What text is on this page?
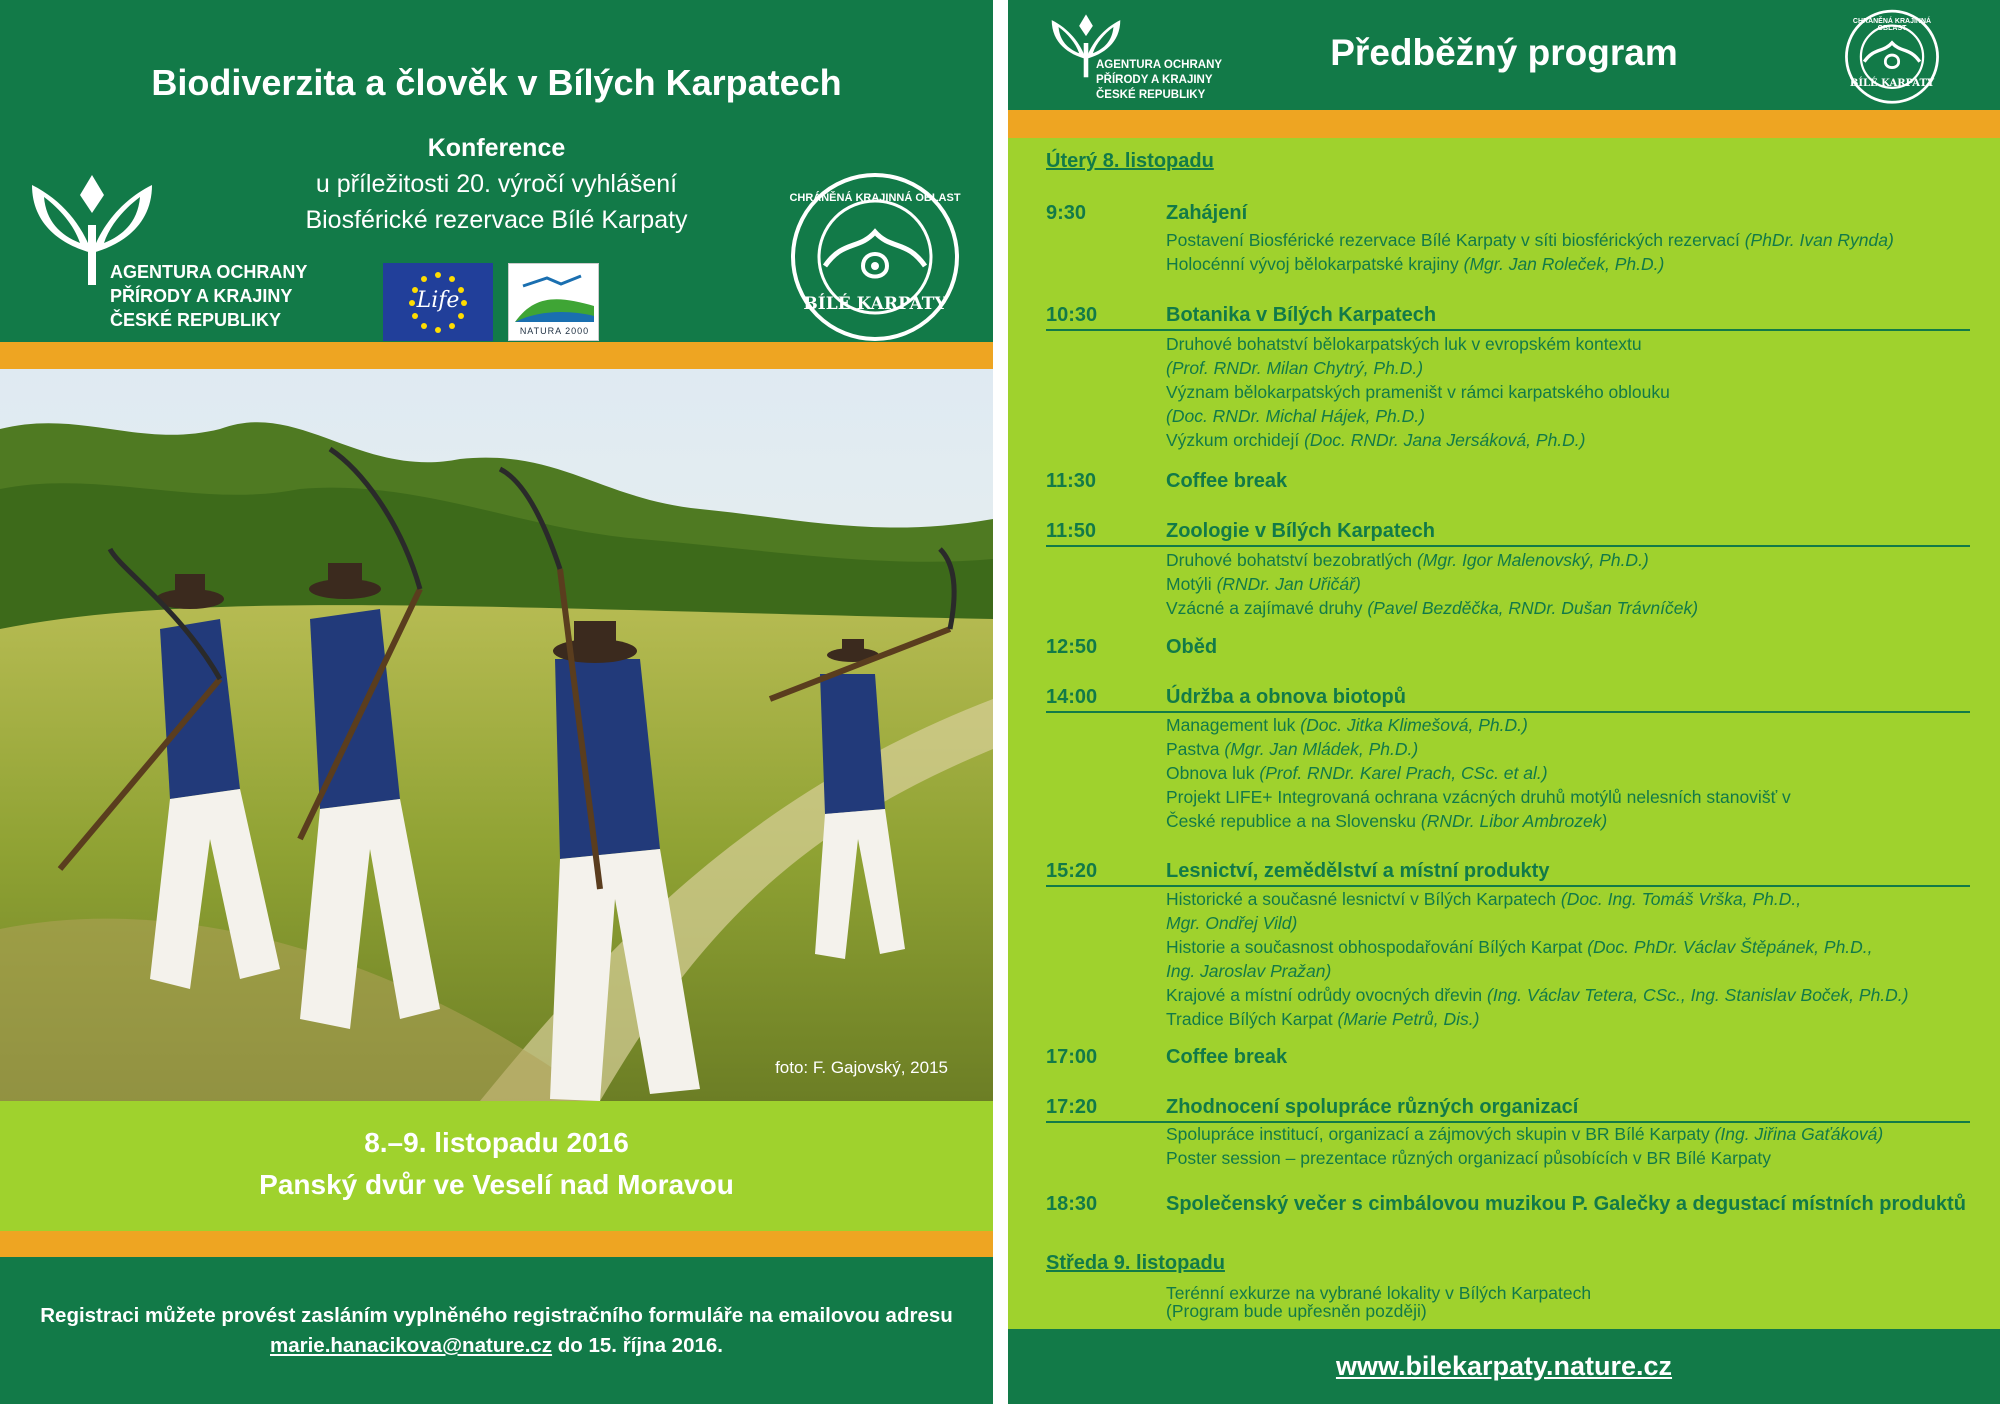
Biodiverzita a člověk v Bílých Karpatech
Konference
u příležitosti 20. výročí vyhlášení
Biosférické rezervace Bílé Karpaty
AGENTURA OCHRANY
PŘÍRODY A KRAJINY
ČESKÉ REPUBLIKY
Life
NATURA 2000
CHRÁNĚNÁ KRAJINNÁ OBLAST
BÍLÉ KARPATY
foto: F. Gajovský, 2015
8.–9. listopadu 2016
Panský dvůr ve Veselí nad Moravou
Registraci můžete provést zasláním vyplněného registračního formuláře na emailovou adresu
marie.hanacikova@nature.cz do 15. října 2016.
AGENTURA OCHRANY
PŘÍRODY A KRAJINY
ČESKÉ REPUBLIKY
Předběžný program
CHRÁNĚNÁ KRAJINNÁ OBLAST
BÍLÉ KARPATY
Úterý 8. listopadu
9:30	Zahájení
Postavení Biosférické rezervace Bílé Karpaty v síti biosférických rezervací (PhDr. Ivan Rynda)
Holocénní vývoj bělokarpatské krajiny (Mgr. Jan Roleček, Ph.D.)
10:30	Botanika v Bílých Karpatech
Druhové bohatství bělokarpatských luk v evropském kontextu
(Prof. RNDr. Milan Chytrý, Ph.D.)
Význam bělokarpatských prameništ v rámci karpatského oblouku
(Doc. RNDr. Michal Hájek, Ph.D.)
Výzkum orchidejí (Doc. RNDr. Jana Jersáková, Ph.D.)
11:30	Coffee break
11:50	Zoologie v Bílých Karpatech
Druhové bohatství bezobratlých (Mgr. Igor Malenovský, Ph.D.)
Motýli (RNDr. Jan Uřičář)
Vzácné a zajímavé druhy (Pavel Bezděčka, RNDr. Dušan Trávníček)
12:50	Oběd
14:00	Údržba a obnova biotopů
Management luk (Doc. Jitka Klimešová, Ph.D.)
Pastva (Mgr. Jan Mládek, Ph.D.)
Obnova luk (Prof. RNDr. Karel Prach, CSc. et al.)
Projekt LIFE+ Integrovaná ochrana vzácných druhů motýlů nelesních stanovišť v
České republice a na Slovensku (RNDr. Libor Ambrozek)
15:20	Lesnictví, zemědělství a místní produkty
Historické a současné lesnictví v Bílých Karpatech (Doc. Ing. Tomáš Vrška, Ph.D.,
Mgr. Ondřej Vild)
Historie a současnost obhospodařování Bílých Karpat (Doc. PhDr. Václav Štěpánek, Ph.D.,
Ing. Jaroslav Pražan)
Krajové a místní odrůdy ovocných dřevin (Ing. Václav Tetera, CSc., Ing. Stanislav Boček, Ph.D.)
Tradice Bílých Karpat (Marie Petrů, Dis.)
17:00	Coffee break
17:20	Zhodnocení spolupráce různých organizací
Spolupráce institucí, organizací a zájmových skupin v BR Bílé Karpaty (Ing. Jiřina Gaťáková)
Poster session – prezentace různých organizací působících v BR Bílé Karpaty
18:30	Společenský večer s cimbálovou muzikou P. Galečky a degustací místních produktů
Středa 9. listopadu
Terénní exkurze na vybrané lokality v Bílých Karpatech
(Program bude upřesněn později)
www.bilekarpaty.nature.cz
